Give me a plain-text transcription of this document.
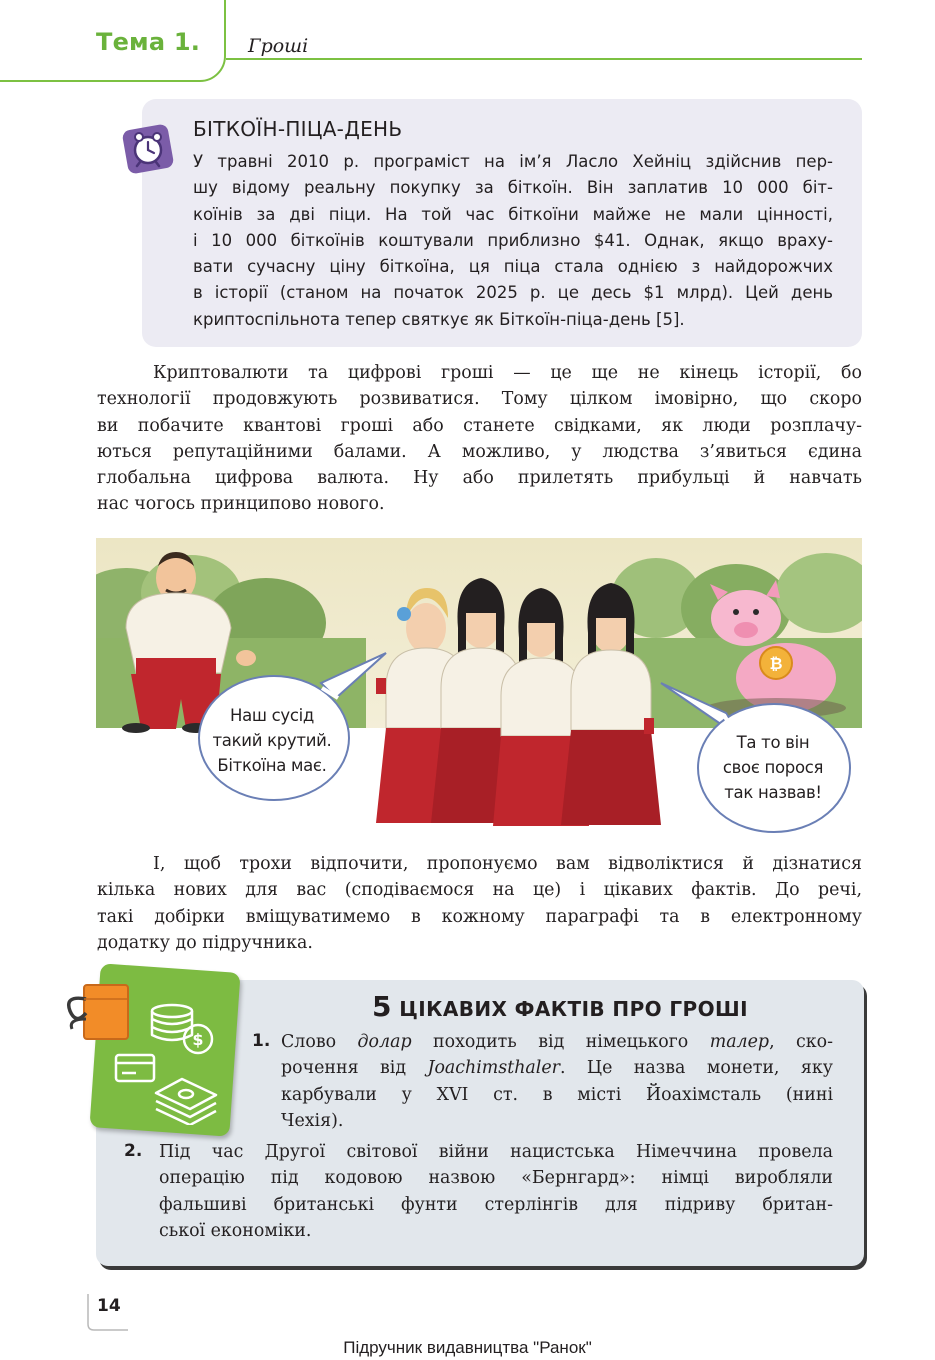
Тема 1.	Гроші
БІТКОЇН-ПІЦА-ДЕНЬ
У травні 2010 р. програміст на ім’я Ласло Хейніц здійснив пер-
шу відому реальну покупку за біткоїн. Він заплатив 10 000 біт-
коїнів за дві піци. На той час біткоїни майже не мали цінності,
і 10 000 біткоїнів коштували приблизно $41. Однак, якщо враху-
вати сучасну ціну біткоїна, ця піца стала однією з найдорожчих
в історії (станом на початок 2025 р. це десь $1 млрд). Цей день
криптоспільнота тепер святкує як Біткоїн-піца-день [5].
Криптовалюти та цифрові гроші — це ще не кінець історії, бо
технології продовжують розвиватися. Тому цілком імовірно, що скоро
ви побачите квантові гроші або станете свідками, як люди розплачу-
ються репутаційними балами. А можливо, у людства з’явиться єдина
глобальна цифрова валюта. Ну або прилетять прибульці й навчать
нас чогось принципово нового.
₿
Наш сусід
такий крутий.
Біткоїна має.
Та то він
своє порося
так назвав!
І, щоб трохи відпочити, пропонуємо вам відволіктися й дізнатися
кілька нових для вас (сподіваємося на це) і цікавих фактів. До речі,
такі добірки вміщуватимемо в кожному параграфі та в електронному
додатку до підручника.
$
5 ЦІКАВИХ ФАКТІВ ПРО ГРОШІ
1. Слово долар походить від німецького талер, ско-
рочення від Joachimsthaler. Це назва монети, яку
карбували у XVI ст. в місті Йоахімсталь (нині
Чехія).
2. Під час Другої світової війни нацистська Німеччина провела
операцію під кодовою назвою «Бернгард»: німці виробляли
фальшиві британські фунти стерлінгів для підриву британ-
ської економіки.
14
Підручник видавництва "Ранок"
